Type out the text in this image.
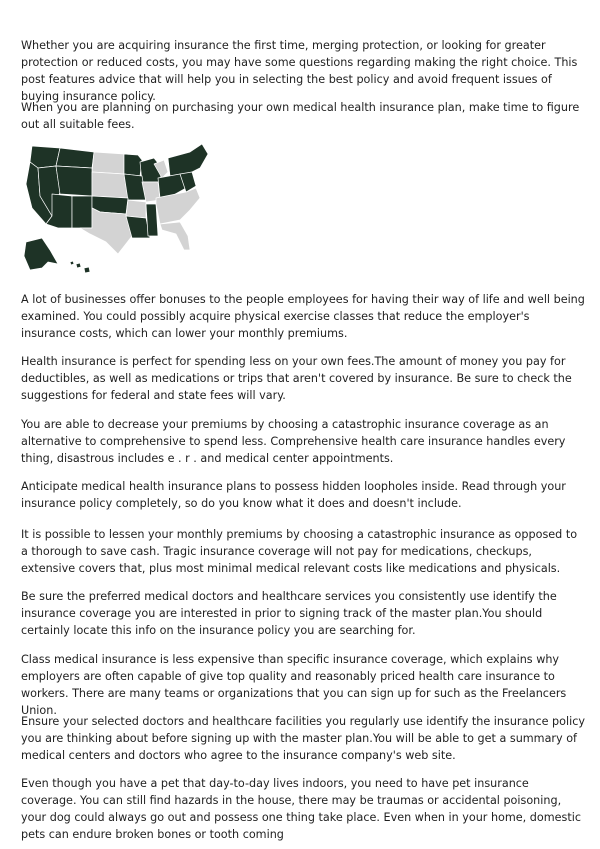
Whether you are acquiring insurance the first time, merging protection, or looking for greater protection or reduced costs, you may have some questions regarding making the right choice. This post features advice that will help you in selecting the best policy and avoid frequent issues of buying insurance policy.

When you are planning on purchasing your own medical health insurance plan, make time to figure out all suitable fees.

A lot of businesses offer bonuses to the people employees for having their way of life and well being examined. You could possibly acquire physical exercise classes that reduce the employer's insurance costs, which can lower your monthly premiums.

Health insurance is perfect for spending less on your own fees.The amount of money you pay for deductibles, as well as medications or trips that aren't covered by insurance. Be sure to check the suggestions for federal and state fees will vary.

You are able to decrease your premiums by choosing a catastrophic insurance coverage as an alternative to comprehensive to spend less. Comprehensive health care insurance handles every thing, disastrous includes e . r . and medical center appointments.

Anticipate medical health insurance plans to possess hidden loopholes inside. Read through your insurance policy completely, so do you know what it does and doesn't include.

It is possible to lessen your monthly premiums by choosing a catastrophic insurance as opposed to a thorough to save cash. Tragic insurance coverage will not pay for medications, checkups, extensive covers that, plus most minimal medical relevant costs like medications and physicals.

Be sure the preferred medical doctors and healthcare services you consistently use identify the insurance coverage you are interested in prior to signing track of the master plan.You should certainly locate this info on the insurance policy you are searching for.

Class medical insurance is less expensive than specific insurance coverage, which explains why employers are often capable of give top quality and reasonably priced health care insurance to workers. There are many teams or organizations that you can sign up for such as the Freelancers Union.

Ensure your selected doctors and healthcare facilities you regularly use identify the insurance policy you are thinking about before signing up with the master plan.You will be able to get a summary of medical centers and doctors who agree to the insurance company's web site.

Even though you have a pet that day-to-day lives indoors, you need to have pet insurance coverage. You can still find hazards in the house, there may be traumas or accidental poisoning, your dog could always go out and possess one thing take place. Even when in your home, domestic pets can endure broken bones or tooth coming
